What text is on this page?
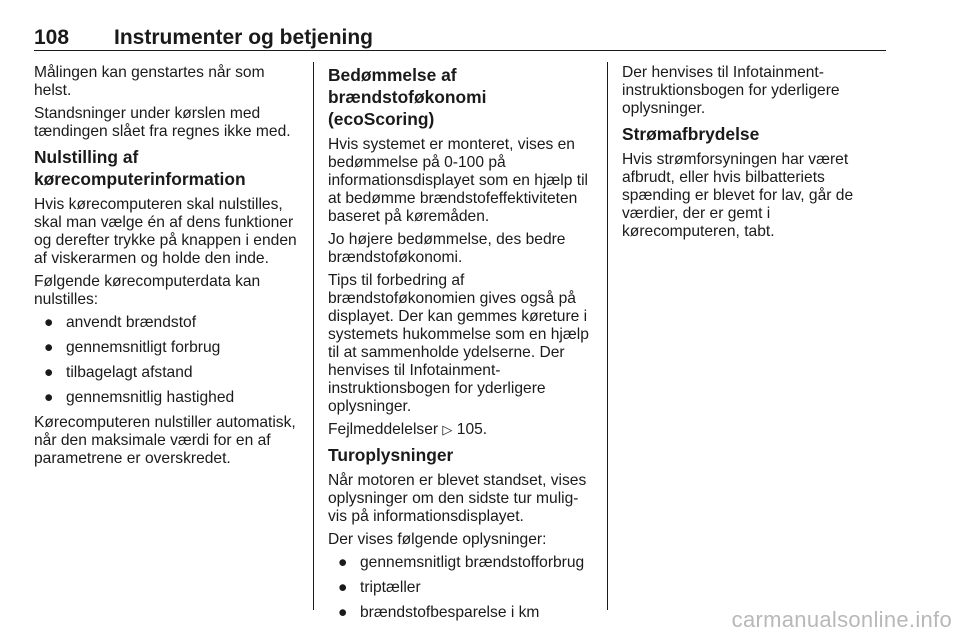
108 Instrumenter og betjening

Målingen kan genstartes når som helst.

Standsninger under kørslen med tændingen slået fra regnes ikke med.

Nulstilling af kørecomputerinformation

Hvis kørecomputeren skal nulstilles, skal man vælge én af dens funktioner og derefter trykke på knappen i enden af viskerarmen og holde den inde.

Følgende kørecomputerdata kan nulstilles:

● anvendt brændstof
● gennemsnitligt forbrug
● tilbagelagt afstand
● gennemsnitlig hastighed

Kørecomputeren nulstiller automatisk, når den maksimale værdi for en af parametrene er overskredet.

Bedømmelse af brændstoføkonomi (ecoScoring)

Hvis systemet er monteret, vises en bedømmelse på 0-100 på informationsdisplayet som en hjælp til at bedømme brændstofeffektiviteten baseret på køremåden.

Jo højere bedømmelse, des bedre brændstoføkonomi.

Tips til forbedring af brændstoføkonomien gives også på displayet. Der kan gemmes køreture i systemets hukommelse som en hjælp til at sammenholde ydelserne. Der henvises til Infotainment-instruktionsbogen for yderligere oplysninger.

Fejlmeddelelser ▷ 105.

Turoplysninger

Når motoren er blevet standset, vises oplysninger om den sidste tur mulig-vis på informationsdisplayet.

Der vises følgende oplysninger:

● gennemsnitligt brændstofforbrug
● triptæller
● brændstofbesparelse i km

Der henvises til Infotainment-instruktionsbogen for yderligere oplysninger.

Strømafbrydelse

Hvis strømforsyningen har været afbrudt, eller hvis bilbatteriets spænding er blevet for lav, går de værdier, der er gemt i kørecomputeren, tabt.

carmanualsonline.info
